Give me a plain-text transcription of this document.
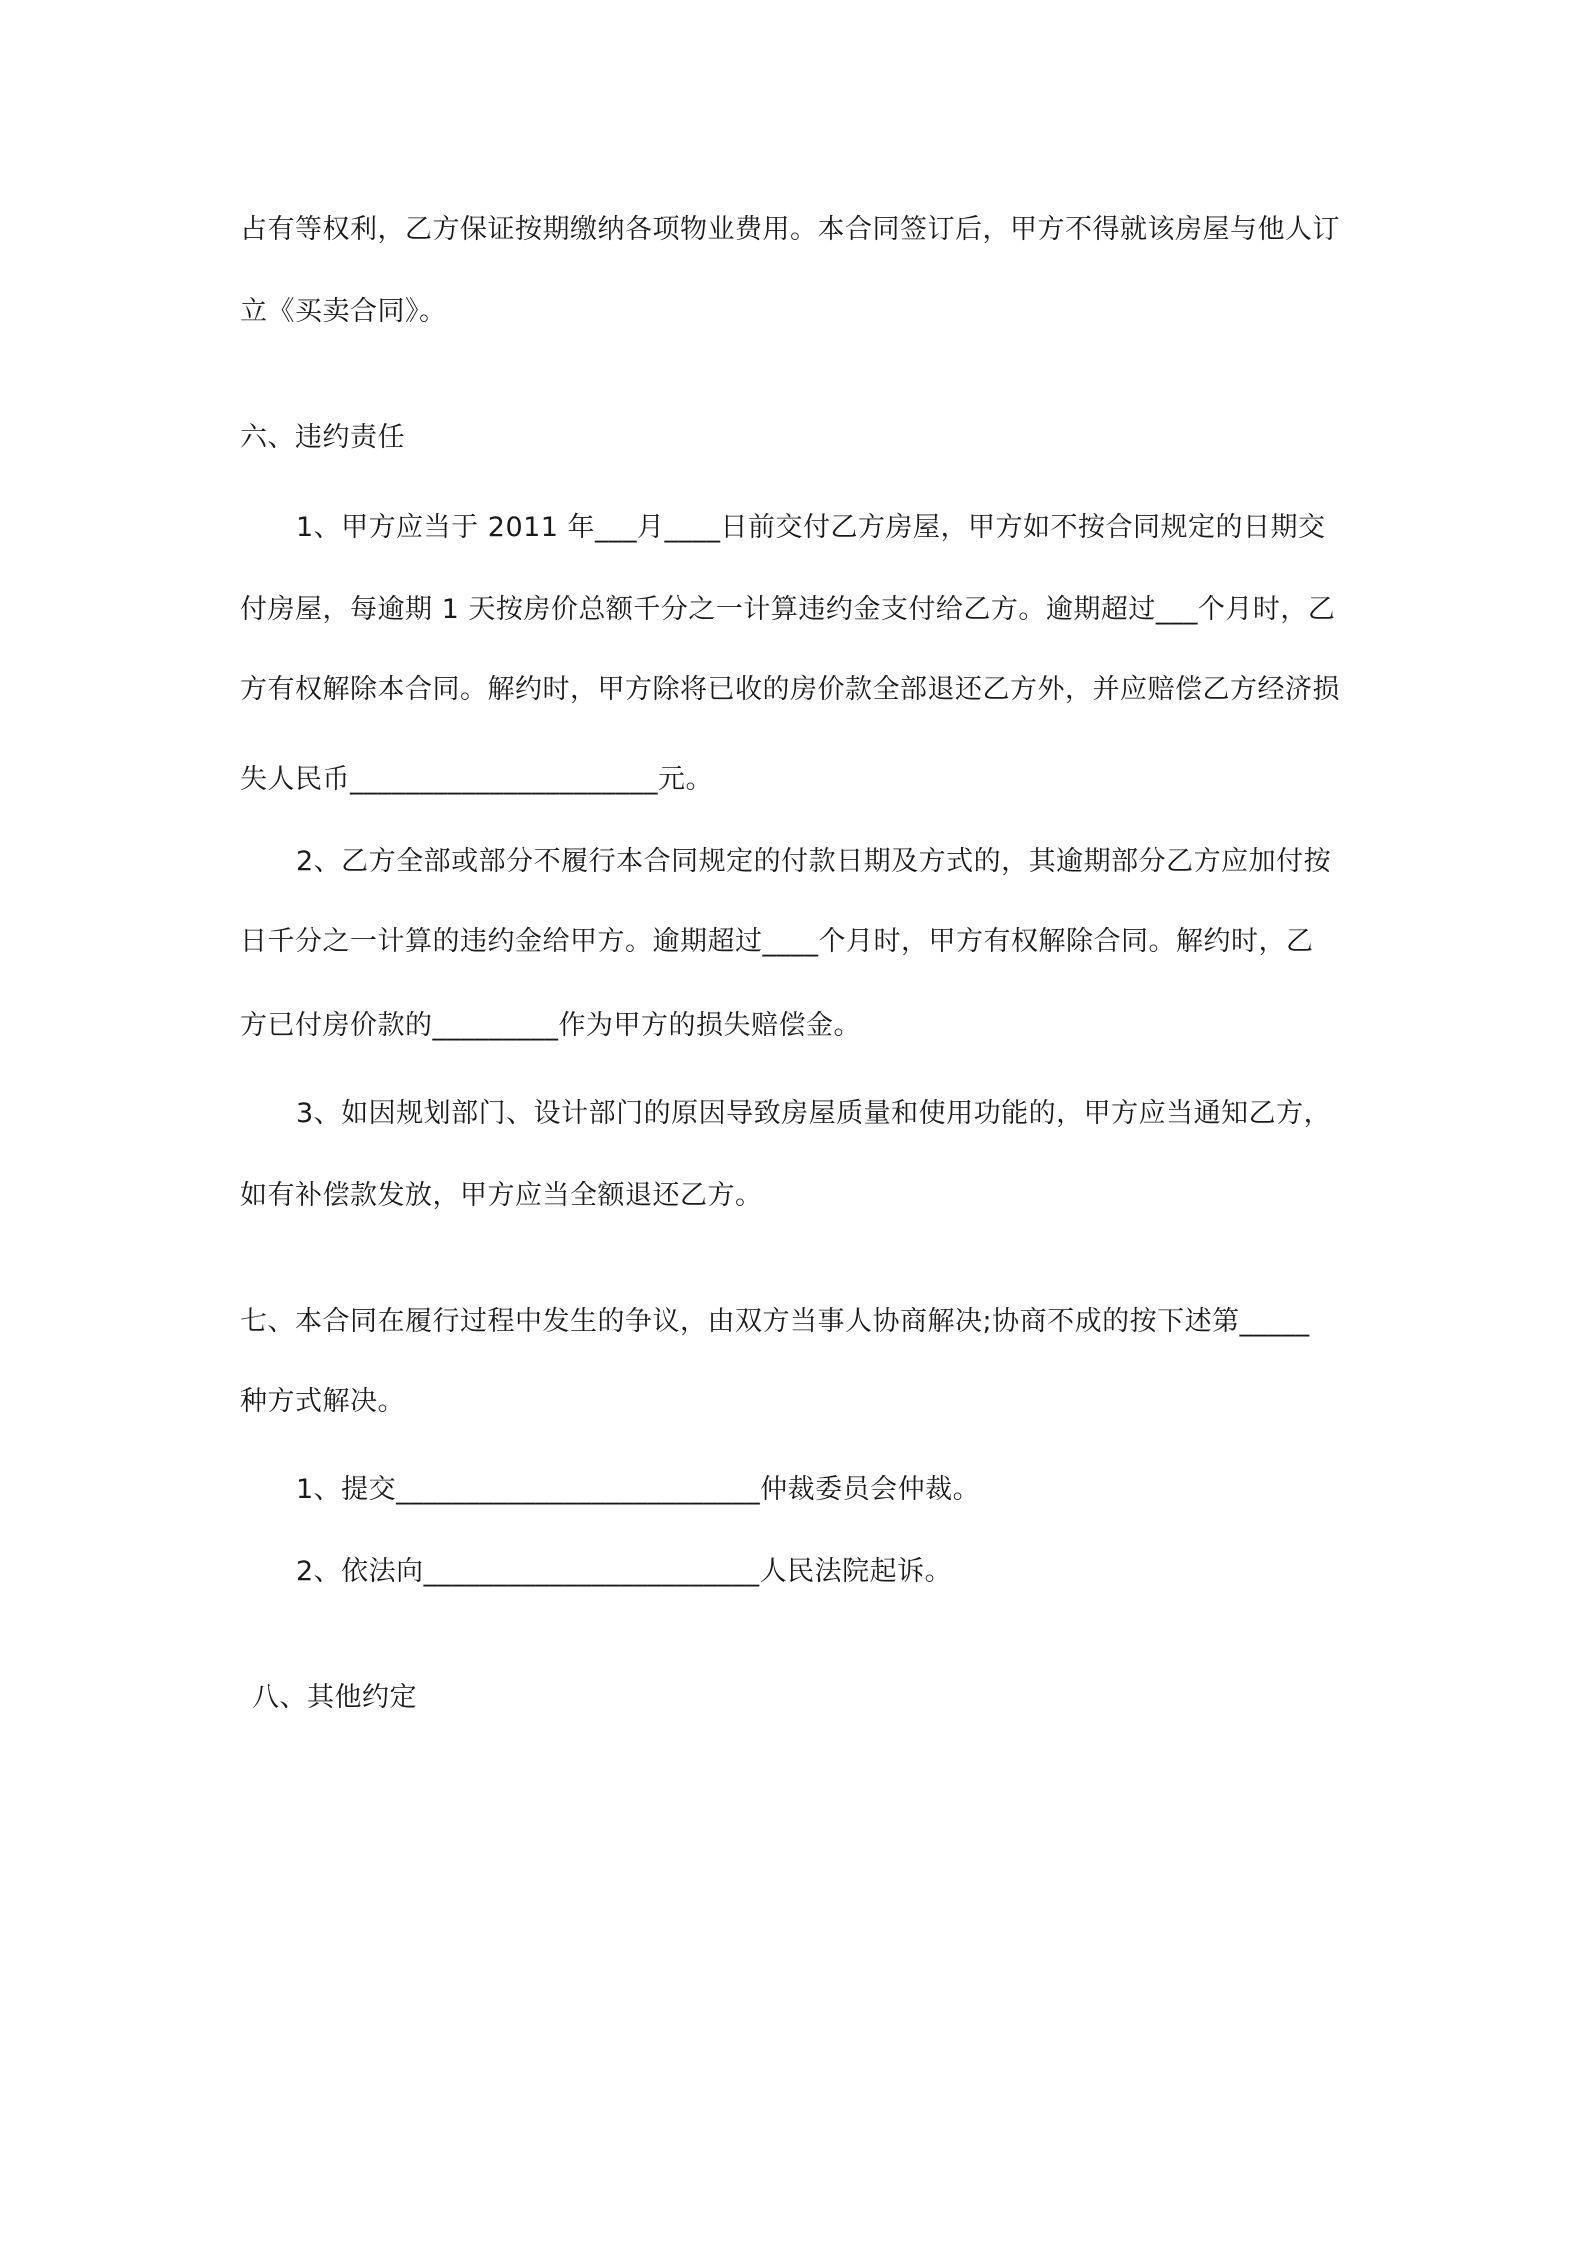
占有等权利，乙方保证按期缴纳各项物业费用。本合同签订后，甲方不得就该房屋与他人订
立《买卖合同》。
六、违约责任
1、甲方应当于 2011 年___月____日前交付乙方房屋，甲方如不按合同规定的日期交
付房屋，每逾期 1 天按房价总额千分之一计算违约金支付给乙方。逾期超过___个月时，乙
方有权解除本合同。解约时，甲方除将已收的房价款全部退还乙方外，并应赔偿乙方经济损
失人民币______________________元。
2、乙方全部或部分不履行本合同规定的付款日期及方式的，其逾期部分乙方应加付按
日千分之一计算的违约金给甲方。逾期超过____个月时，甲方有权解除合同。解约时，乙
方已付房价款的_________作为甲方的损失赔偿金。
3、如因规划部门、设计部门的原因导致房屋质量和使用功能的，甲方应当通知乙方，
如有补偿款发放，甲方应当全额退还乙方。
七、本合同在履行过程中发生的争议，由双方当事人协商解决;协商不成的按下述第_____
种方式解决。
1、提交__________________________仲裁委员会仲裁。
2、依法向________________________人民法院起诉。
八、其他约定
